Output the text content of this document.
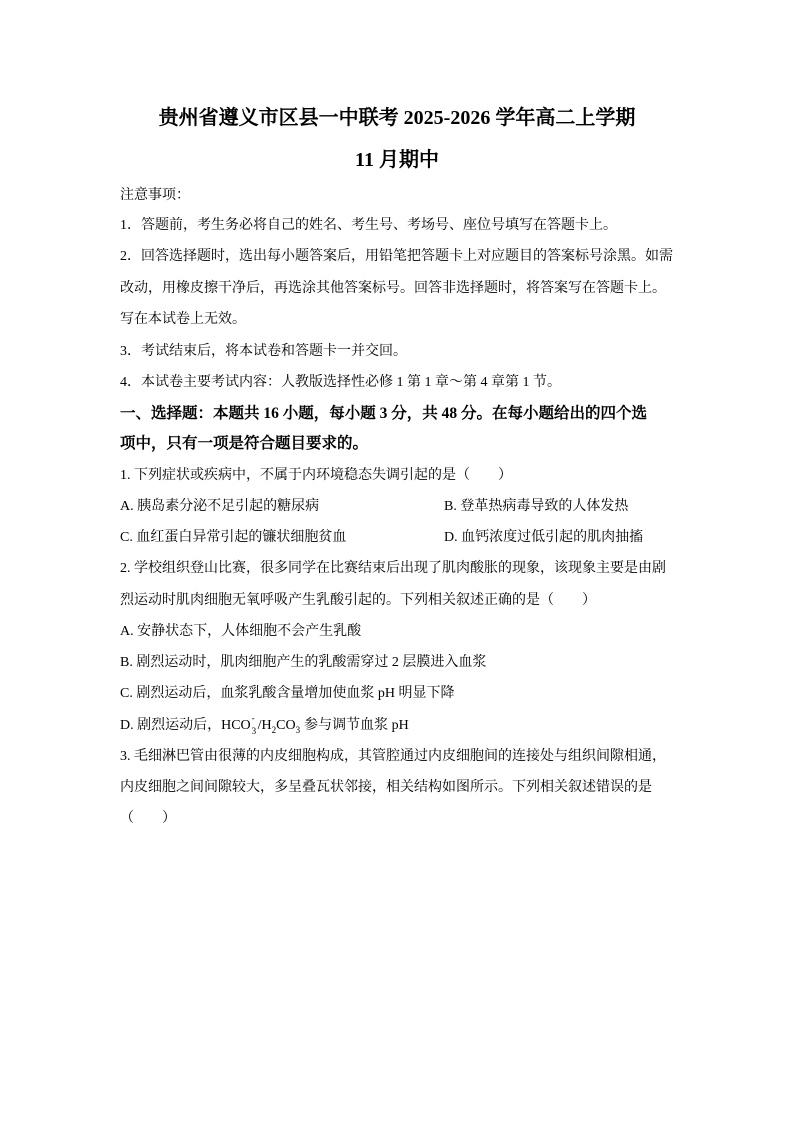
贵州省遵义市区县一中联考 2025-2026 学年高二上学期
11 月期中
注意事项：
1．答题前，考生务必将自己的姓名、考生号、考场号、座位号填写在答题卡上。
2．回答选择题时，选出每小题答案后，用铅笔把答题卡上对应题目的答案标号涂黑。如需
改动，用橡皮擦干净后，再选涂其他答案标号。回答非选择题时，将答案写在答题卡上。
写在本试卷上无效。
3．考试结束后，将本试卷和答题卡一并交回。
4．本试卷主要考试内容：人教版选择性必修 1 第 1 章～第 4 章第 1 节。
一、选择题：本题共 16 小题，每小题 3 分，共 48 分。在每小题给出的四个选
项中，只有一项是符合题目要求的。
1. 下列症状或疾病中，不属于内环境稳态失调引起的是（　　）
A. 胰岛素分泌不足引起的糖尿病	B. 登革热病毒导致的人体发热
C. 血红蛋白异常引起的镰状细胞贫血	D. 血钙浓度过低引起的肌肉抽搐
2. 学校组织登山比赛，很多同学在比赛结束后出现了肌肉酸胀的现象，该现象主要是由剧
烈运动时肌肉细胞无氧呼吸产生乳酸引起的。下列相关叙述正确的是（　　）
A. 安静状态下，人体细胞不会产生乳酸
B. 剧烈运动时，肌肉细胞产生的乳酸需穿过 2 层膜进入血浆
C. 剧烈运动后，血浆乳酸含量增加使血浆 pH 明显下降
D. 剧烈运动后，HCO -
3 $/H_2CO_3$ 参与调节血浆 pH
3. 毛细淋巴管由很薄的内皮细胞构成，其管腔通过内皮细胞间的连接处与组织间隙相通，
内皮细胞之间间隙较大，多呈叠瓦状邻接，相关结构如图所示。下列相关叙述错误的是
（　　）
